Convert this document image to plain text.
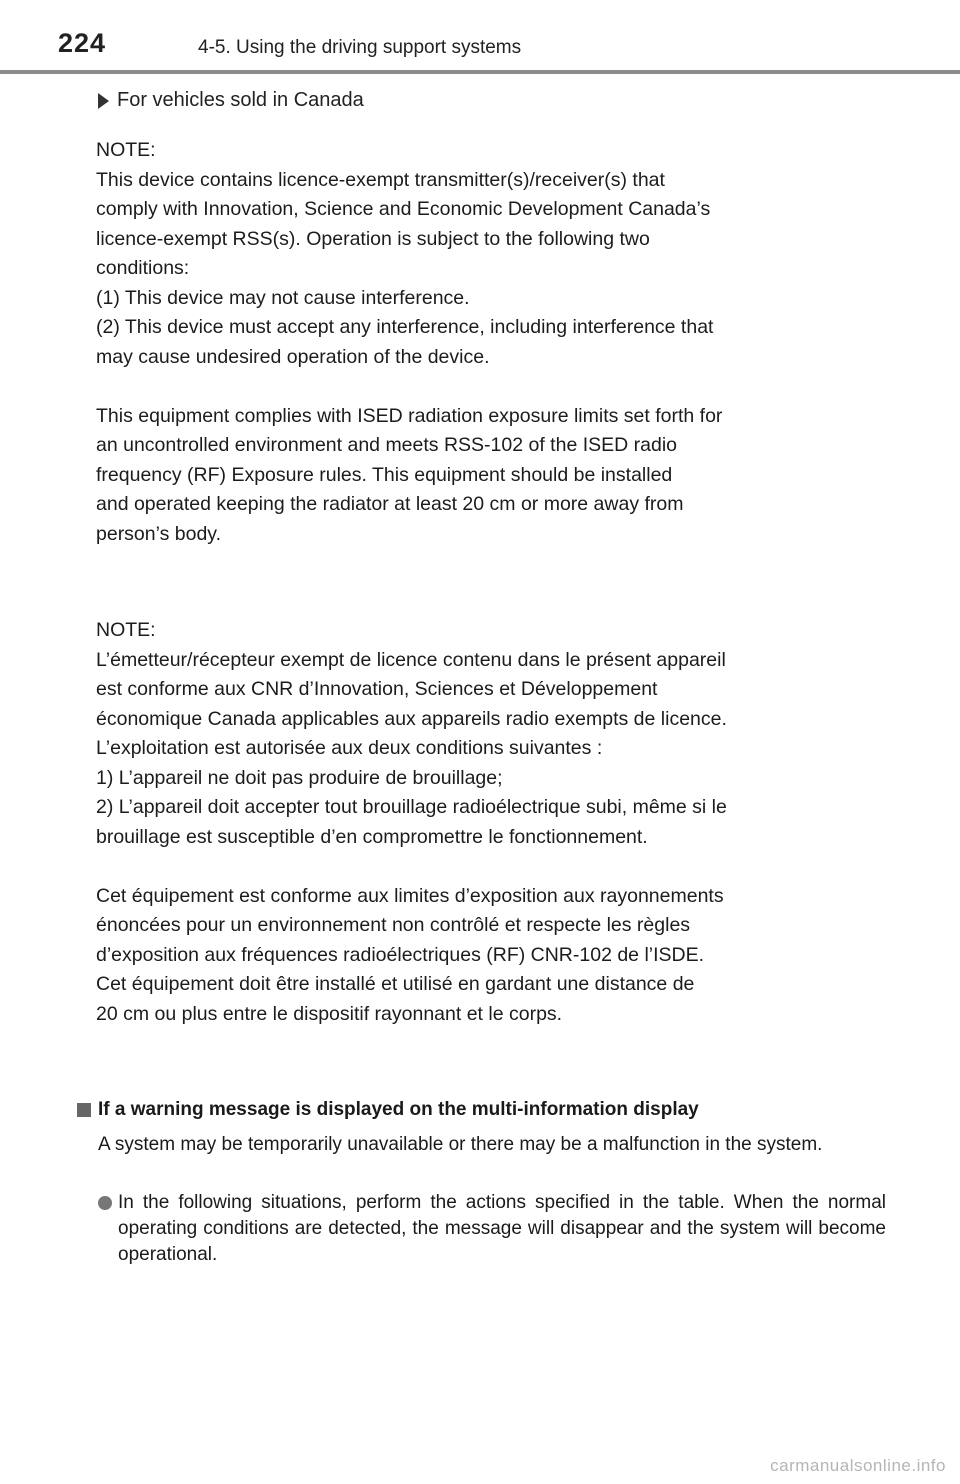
224	4-5. Using the driving support systems
For vehicles sold in Canada

NOTE:

This device contains licence-exempt transmitter(s)/receiver(s) that

comply with Innovation, Science and Economic Development Canada’s

licence-exempt RSS(s). Operation is subject to the following two

conditions:

(1) This device may not cause interference.

(2) This device must accept any interference, including interference that

may cause undesired operation of the device.

This equipment complies with ISED radiation exposure limits set forth for

an uncontrolled environment and meets RSS-102 of the ISED radio

frequency (RF) Exposure rules. This equipment should be installed

and operated keeping the radiator at least 20 cm or more away from

person’s body.

NOTE:

L’émetteur/récepteur exempt de licence contenu dans le présent appareil

est conforme aux CNR d’Innovation, Sciences et Développement

économique Canada applicables aux appareils radio exempts de licence.

L’exploitation est autorisée aux deux conditions suivantes :

1) L’appareil ne doit pas produire de brouillage;

2) L’appareil doit accepter tout brouillage radioélectrique subi, même si le

brouillage est susceptible d’en compromettre le fonctionnement.

Cet équipement est conforme aux limites d’exposition aux rayonnements

énoncées pour un environnement non contrôlé et respecte les règles

d’exposition aux fréquences radioélectriques (RF) CNR-102 de l’ISDE.

Cet équipement doit être installé et utilisé en gardant une distance de

20 cm ou plus entre le dispositif rayonnant et le corps.

If a warning message is displayed on the multi-information display
A system may be temporarily unavailable or there may be a malfunction in the system.
In the following situations, perform the actions specified in the table. When the normal operating conditions are detected, the message will disappear and the system will become operational.
carmanualsonline.info
